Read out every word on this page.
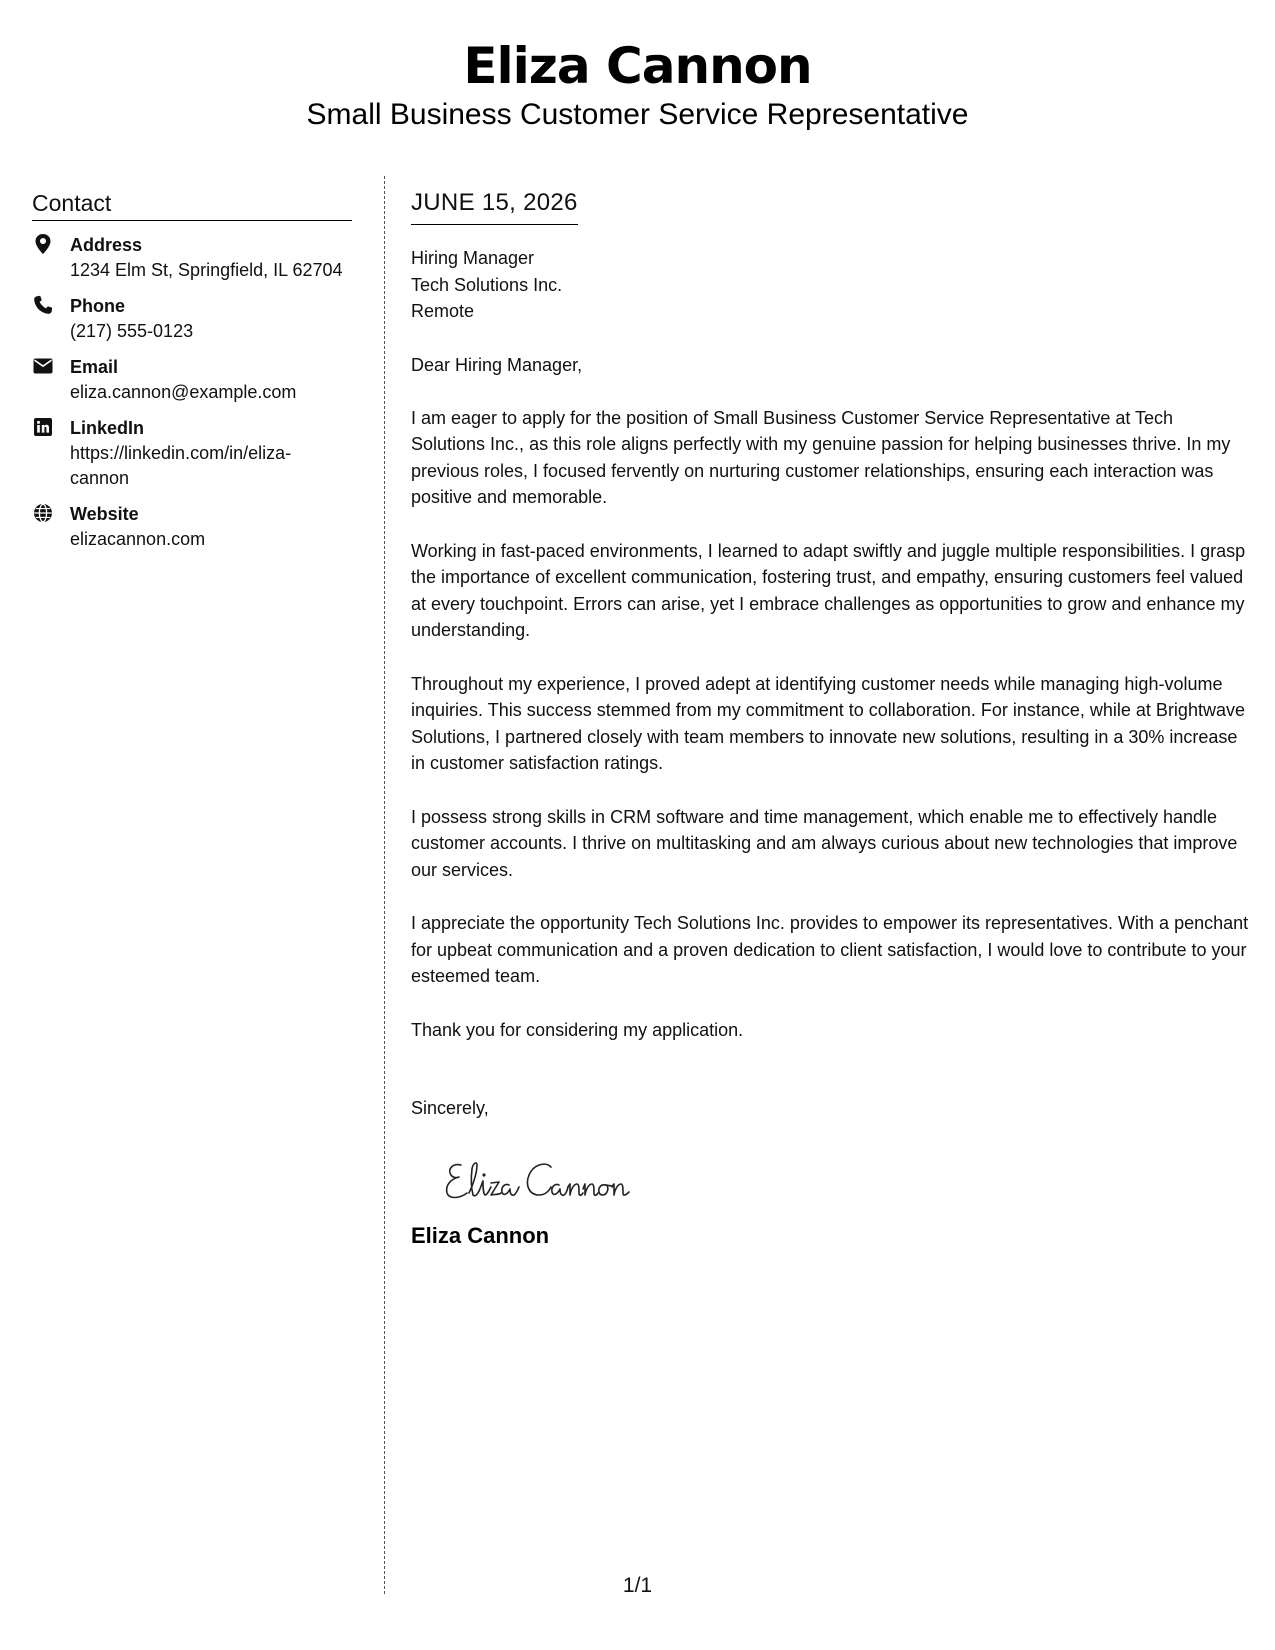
Eliza Cannon
Small Business Customer Service Representative
Contact
Address
1234 Elm St, Springfield, IL 62704
Phone
(217) 555-0123
Email
eliza.cannon@example.com
LinkedIn
https://linkedin.com/in/eliza-
cannon
Website
elizacannon.com
JUNE 15, 2026
Hiring Manager
Tech Solutions Inc.
Remote
Dear Hiring Manager,
I am eager to apply for the position of Small Business Customer Service Representative at Tech Solutions Inc., as this role aligns perfectly with my genuine passion for helping businesses thrive. In my previous roles, I focused fervently on nurturing customer relationships, ensuring each interaction was positive and memorable.
Working in fast-paced environments, I learned to adapt swiftly and juggle multiple responsibilities. I grasp the importance of excellent communication, fostering trust, and empathy, ensuring customers feel valued at every touchpoint. Errors can arise, yet I embrace challenges as opportunities to grow and enhance my understanding.
Throughout my experience, I proved adept at identifying customer needs while managing high-volume inquiries. This success stemmed from my commitment to collaboration. For instance, while at Brightwave Solutions, I partnered closely with team members to innovate new solutions, resulting in a 30% increase in customer satisfaction ratings.
I possess strong skills in CRM software and time management, which enable me to effectively handle customer accounts. I thrive on multitasking and am always curious about new technologies that improve our services.
I appreciate the opportunity Tech Solutions Inc. provides to empower its representatives. With a penchant for upbeat communication and a proven dedication to client satisfaction, I would love to contribute to your esteemed team.
Thank you for considering my application.
Sincerely,
Eliza Cannon
1/1
